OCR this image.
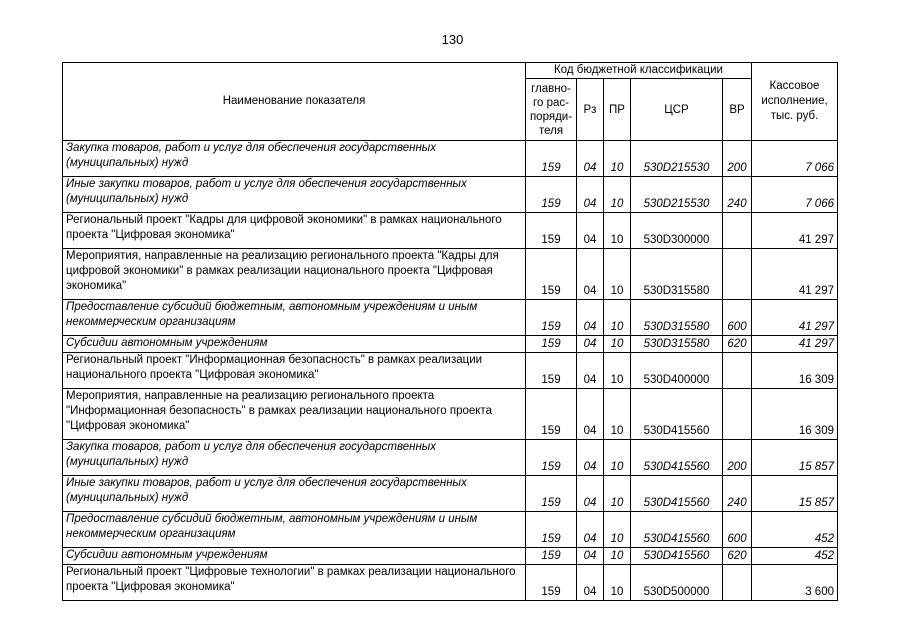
130
Наименование показателя	Код бюджетной классификации					Кассовое исполнение, тыс. руб.
	главно-го рас-поряди-теля	Рз	ПР	ЦСР	ВР	
Закупка товаров, работ и услуг для обеспечения государственных (муниципальных) нужд	159	04	10	530D215530	200	7 066
Иные закупки товаров, работ и услуг для обеспечения государственных (муниципальных) нужд	159	04	10	530D215530	240	7 066
Региональный проект "Кадры для цифровой экономики" в рамках национального проекта "Цифровая экономика"	159	04	10	530D300000		41 297
Мероприятия, направленные на реализацию регионального проекта "Кадры для цифровой экономики" в рамках реализации национального проекта "Цифровая экономика"	159	04	10	530D315580		41 297
Предоставление субсидий бюджетным, автономным учреждениям и иным некоммерческим организациям	159	04	10	530D315580	600	41 297
Субсидии автономным учреждениям	159	04	10	530D315580	620	41 297
Региональный проект "Информационная безопасность" в рамках реализации национального проекта "Цифровая экономика"	159	04	10	530D400000		16 309
Мероприятия, направленные на реализацию регионального проекта "Информационная безопасность" в рамках реализации национального проекта "Цифровая экономика"	159	04	10	530D415560		16 309
Закупка товаров, работ и услуг для обеспечения государственных (муниципальных) нужд	159	04	10	530D415560	200	15 857
Иные закупки товаров, работ и услуг для обеспечения государственных (муниципальных) нужд	159	04	10	530D415560	240	15 857
Предоставление субсидий бюджетным, автономным учреждениям и иным некоммерческим организациям	159	04	10	530D415560	600	452
Субсидии автономным учреждениям	159	04	10	530D415560	620	452
Региональный проект "Цифровые технологии" в рамках реализации национального проекта "Цифровая экономика"	159	04	10	530D500000		3 600
